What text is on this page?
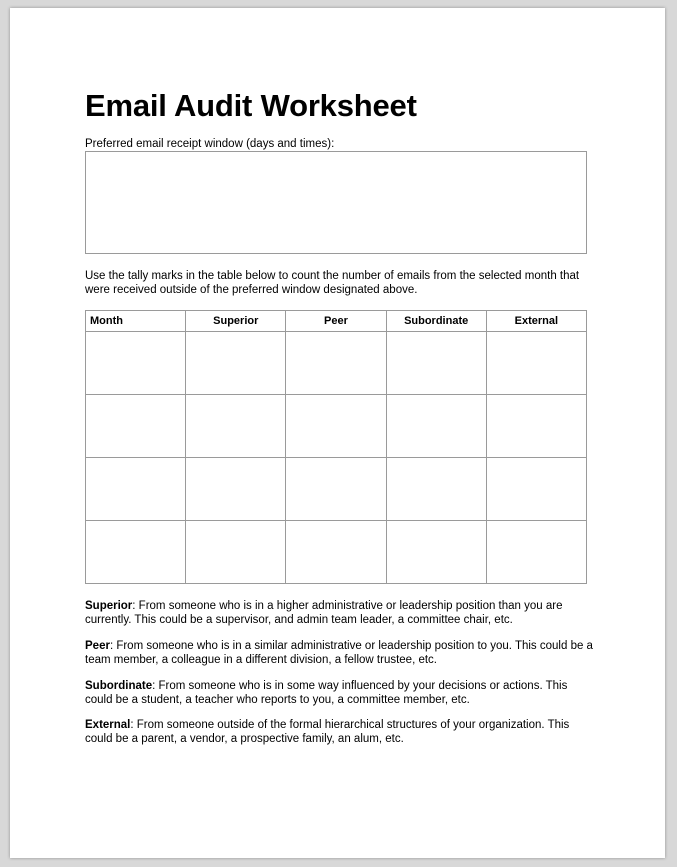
Email Audit Worksheet
Preferred email receipt window (days and times):
Use the tally marks in the table below to count the number of emails from the selected month that were received outside of the preferred window designated above.
Month	Superior	Peer	Subordinate	External

Superior: From someone who is in a higher administrative or leadership position than you are currently. This could be a supervisor, and admin team leader, a committee chair, etc.

Peer: From someone who is in a similar administrative or leadership position to you. This could be a team member, a colleague in a different division, a fellow trustee, etc.

Subordinate: From someone who is in some way influenced by your decisions or actions. This could be a student, a teacher who reports to you, a committee member, etc.

External: From someone outside of the formal hierarchical structures of your organization. This could be a parent, a vendor, a prospective family, an alum, etc.
